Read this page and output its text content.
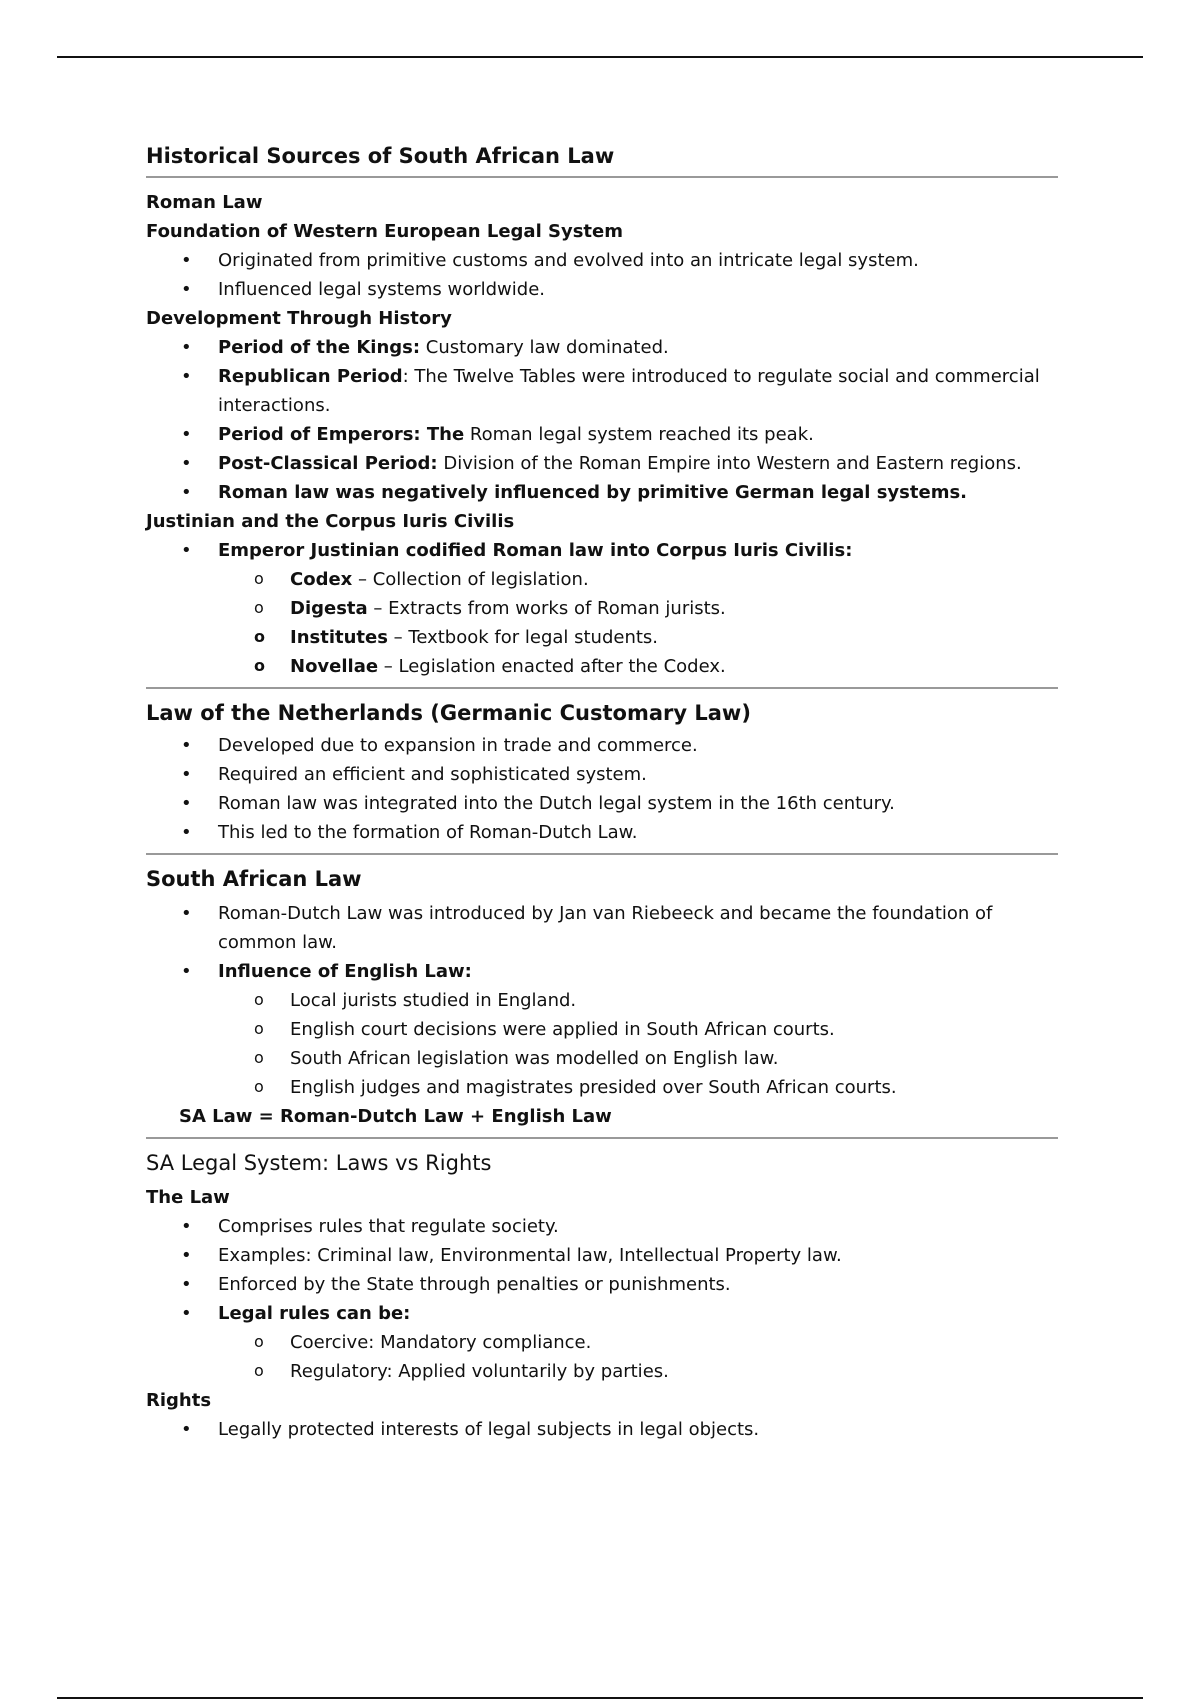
Historical Sources of South African Law

Roman Law

Foundation of Western European Legal System

• Originated from primitive customs and evolved into an intricate legal system.
• Influenced legal systems worldwide.

Development Through History

• Period of the Kings: Customary law dominated.
• Republican Period: The Twelve Tables were introduced to regulate social and commercial interactions.
• Period of Emperors: The Roman legal system reached its peak.
• Post-Classical Period: Division of the Roman Empire into Western and Eastern regions.
• Roman law was negatively influenced by primitive German legal systems.

Justinian and the Corpus Iuris Civilis

• Emperor Justinian codified Roman law into Corpus Iuris Civilis:
o Codex – Collection of legislation.
o Digesta – Extracts from works of Roman jurists.
o Institutes – Textbook for legal students.
o Novellae – Legislation enacted after the Codex.
Law of the Netherlands (Germanic Customary Law)
• Developed due to expansion in trade and commerce.
• Required an efficient and sophisticated system.
• Roman law was integrated into the Dutch legal system in the 16th century.
• This led to the formation of Roman-Dutch Law.
South African Law
• Roman-Dutch Law was introduced by Jan van Riebeeck and became the foundation of common law.
• Influence of English Law:
o Local jurists studied in England.
o English court decisions were applied in South African courts.
o South African legislation was modelled on English law.
o English judges and magistrates presided over South African courts.

SA Law = Roman-Dutch Law + English Law

SA Legal System: Laws vs Rights

The Law

• Comprises rules that regulate society.
• Examples: Criminal law, Environmental law, Intellectual Property law.
• Enforced by the State through penalties or punishments.
• Legal rules can be:
o Coercive: Mandatory compliance.
o Regulatory: Applied voluntarily by parties.

Rights

• Legally protected interests of legal subjects in legal objects.
